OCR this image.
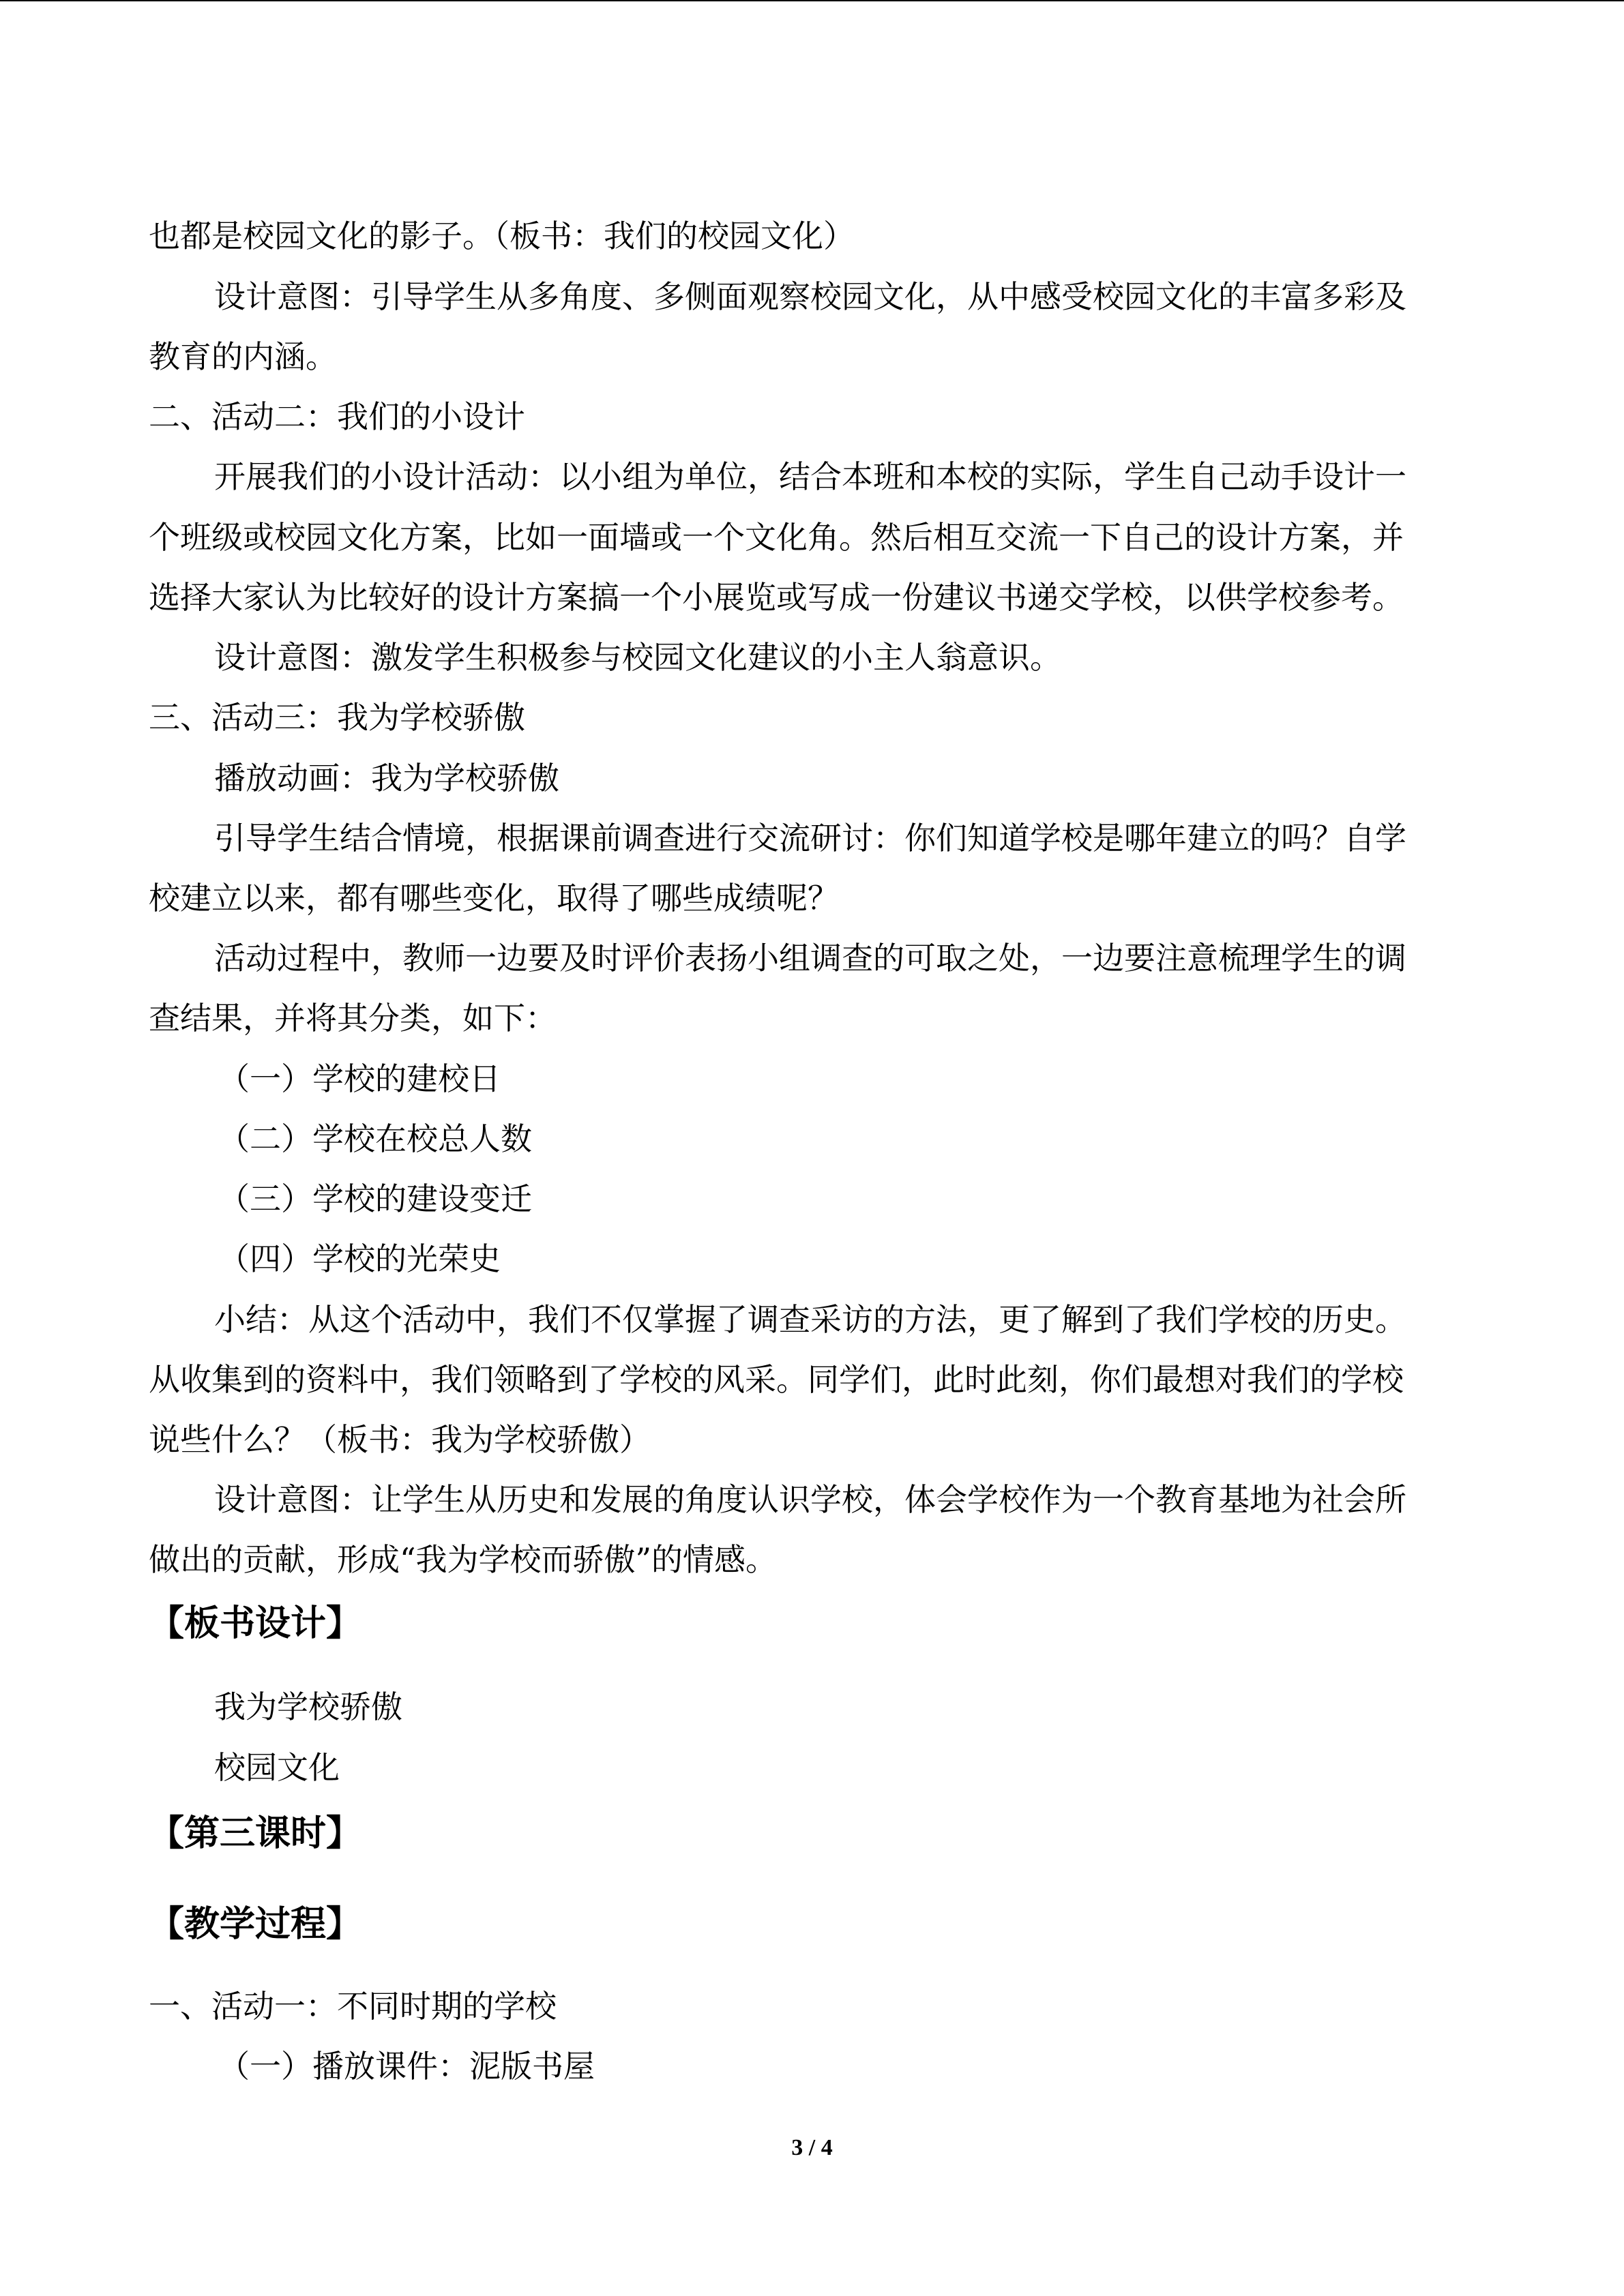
也都是校园文化的影子。（板书：我们的校园文化）
设计意图：引导学生从多角度、多侧面观察校园文化，从中感受校园文化的丰富多彩及
教育的内涵。
二、活动二：我们的小设计
开展我们的小设计活动：以小组为单位，结合本班和本校的实际，学生自己动手设计一
个班级或校园文化方案，比如一面墙或一个文化角。然后相互交流一下自己的设计方案，并
选择大家认为比较好的设计方案搞一个小展览或写成一份建议书递交学校，以供学校参考。
设计意图：激发学生积极参与校园文化建议的小主人翁意识。
三、活动三：我为学校骄傲
播放动画：我为学校骄傲
引导学生结合情境，根据课前调查进行交流研讨：你们知道学校是哪年建立的吗？自学
校建立以来，都有哪些变化，取得了哪些成绩呢？
活动过程中，教师一边要及时评价表扬小组调查的可取之处，一边要注意梳理学生的调
查结果，并将其分类，如下：
（一）学校的建校日
（二）学校在校总人数
（三）学校的建设变迁
（四）学校的光荣史
小结：从这个活动中，我们不仅掌握了调查采访的方法，更了解到了我们学校的历史。
从收集到的资料中，我们领略到了学校的风采。同学们，此时此刻，你们最想对我们的学校
说些什么？（板书：我为学校骄傲）
设计意图：让学生从历史和发展的角度认识学校，体会学校作为一个教育基地为社会所
做出的贡献，形成“我为学校而骄傲”的情感。
【板书设计】
我为学校骄傲
校园文化
【第三课时】
【教学过程】
一、活动一：不同时期的学校
（一）播放课件：泥版书屋
3 / 4
